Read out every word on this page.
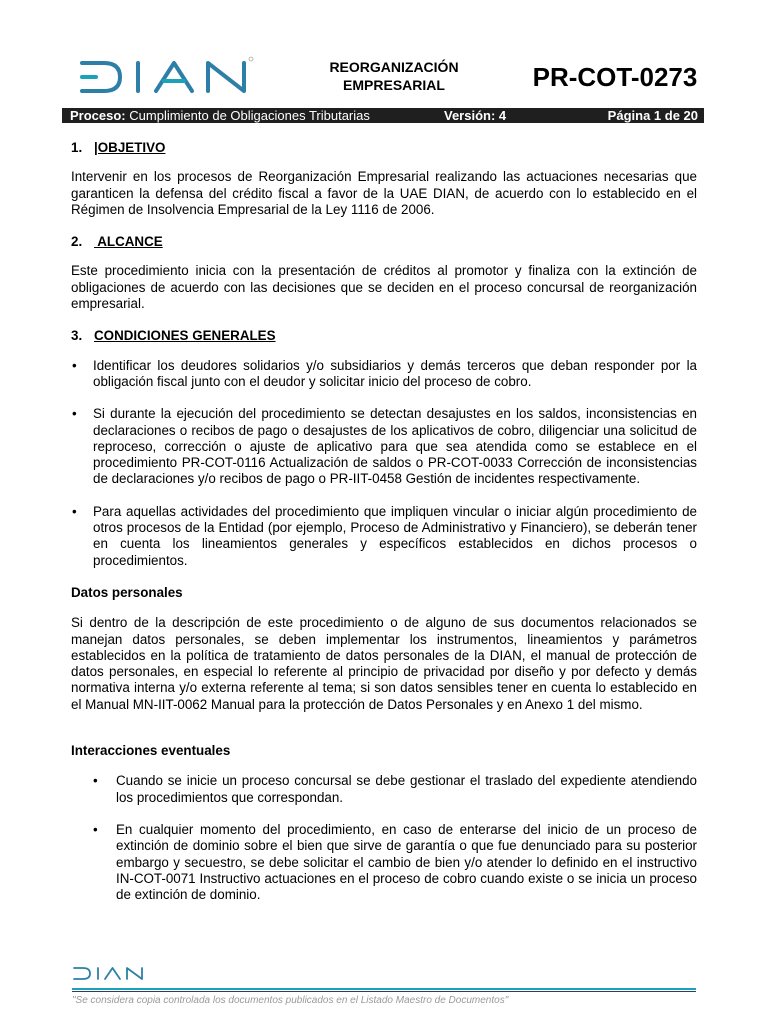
REORGANIZACIÓN
EMPRESARIAL	PR-COT-0273
Proceso: Cumplimiento de Obligaciones Tributarias	Versión: 4	Página 1 de 20
1. |OBJETIVO

Intervenir en los procesos de Reorganización Empresarial realizando las actuaciones necesarias que garanticen la defensa del crédito fiscal a favor de la UAE DIAN, de acuerdo con lo establecido en el Régimen de Insolvencia Empresarial de la Ley 1116 de 2006.

2. ALCANCE

Este procedimiento inicia con la presentación de créditos al promotor y finaliza con la extinción de obligaciones de acuerdo con las decisiones que se deciden en el proceso concursal de reorganización empresarial.

3. CONDICIONES GENERALES
• Identificar los deudores solidarios y/o subsidiarios y demás terceros que deban responder por la obligación fiscal junto con el deudor y solicitar inicio del proceso de cobro.
• Si durante la ejecución del procedimiento se detectan desajustes en los saldos, inconsistencias en declaraciones o recibos de pago o desajustes de los aplicativos de cobro, diligenciar una solicitud de reproceso, corrección o ajuste de aplicativo para que sea atendida como se establece en el procedimiento PR-COT-0116 Actualización de saldos o PR-COT-0033 Corrección de inconsistencias de declaraciones y/o recibos de pago o PR-IIT-0458 Gestión de incidentes respectivamente.
• Para aquellas actividades del procedimiento que impliquen vincular o iniciar algún procedimiento de otros procesos de la Entidad (por ejemplo, Proceso de Administrativo y Financiero), se deberán tener en cuenta los lineamientos generales y específicos establecidos en dichos procesos o procedimientos.
Datos personales

Si dentro de la descripción de este procedimiento o de alguno de sus documentos relacionados se manejan datos personales, se deben implementar los instrumentos, lineamientos y parámetros establecidos en la política de tratamiento de datos personales de la DIAN, el manual de protección de datos personales, en especial lo referente al principio de privacidad por diseño y por defecto y demás normativa interna y/o externa referente al tema; si son datos sensibles tener en cuenta lo establecido en el Manual MN-IIT-0062 Manual para la protección de Datos Personales y en Anexo 1 del mismo.

Interacciones eventuales
• Cuando se inicie un proceso concursal se debe gestionar el traslado del expediente atendiendo los procedimientos que correspondan.
• En cualquier momento del procedimiento, en caso de enterarse del inicio de un proceso de extinción de dominio sobre el bien que sirve de garantía o que fue denunciado para su posterior embargo y secuestro, se debe solicitar el cambio de bien y/o atender lo definido en el instructivo IN-COT-0071 Instructivo actuaciones en el proceso de cobro cuando existe o se inicia un proceso de extinción de dominio.
"Se considera copia controlada los documentos publicados en el Listado Maestro de Documentos"
